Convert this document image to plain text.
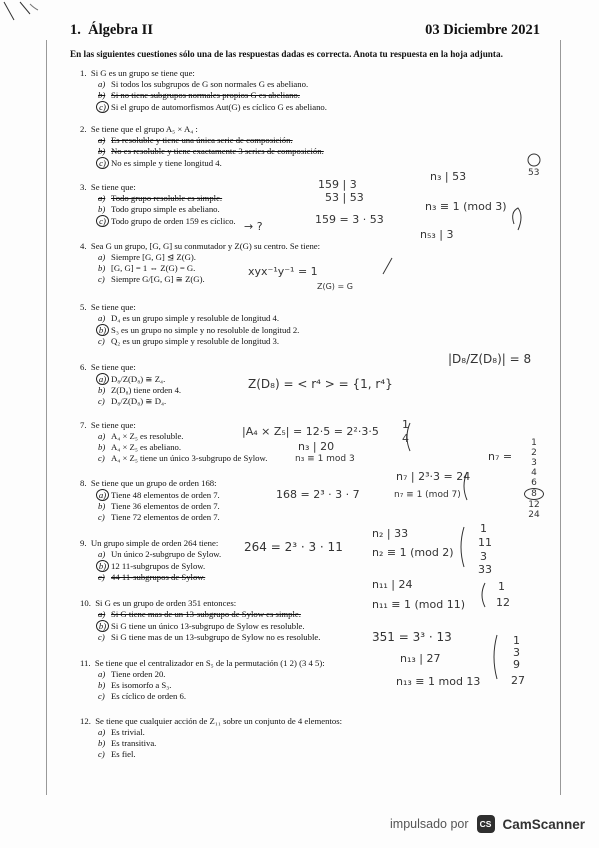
1.  Álgebra II	03 Diciembre 2021
En las siguientes cuestiones sólo una de las respuestas dadas es correcta. Anota tu respuesta en la hoja adjunta.
1.  Si G es un grupo se tiene que:
a) Si todos los subgrupos de G son normales G es abeliano.
b) Si no tiene subgrupos normales propios G es abeliano.
c) Si el grupo de automorfismos Aut(G) es cíclico G es abeliano.
2.  Se tiene que el grupo A₅ × A₄ :
a) Es resoluble y tiene una única serie de composición.
b) No es resoluble y tiene exactamente 3 series de composición.
c) No es simple y tiene longitud 4.
3.  Se tiene que:
a) Todo grupo resoluble es simple.
b) Todo grupo simple es abeliano.
c) Todo grupo de orden 159 es cíclico.
4.  Sea G un grupo, [G, G] su conmutador y Z(G) su centro. Se tiene:
a) Siempre [G, G] ⊴ Z(G).
b) [G, G] = 1 ⇔ Z(G) = G.
c) Siempre G/[G, G] ≅ Z(G).
5.  Se tiene que:
a) D₄ es un grupo simple y resoluble de longitud 4.
b) S₃ es un grupo no simple y no resoluble de longitud 2.
c) Q₂ es un grupo simple y resoluble de longitud 3.
6.  Se tiene que:
a) D₈/Z(D₈) ≅ Z₄.
b) Z(D₈) tiene orden 4.
c) D₈/Z(D₈) ≅ D₄.
7.  Se tiene que:
a) A₄ × Z₅ es resoluble.
b) A₄ × Z₅ es abeliano.
c) A₄ × Z₅ tiene un único 3-subgrupo de Sylow.
8.  Se tiene que un grupo de orden 168:
a) Tiene 48 elementos de orden 7.
b) Tiene 36 elementos de orden 7.
c) Tiene 72 elementos de orden 7.
9.  Un grupo simple de orden 264 tiene:
a) Un único 2-subgrupo de Sylow.
b) 12 11-subgrupos de Sylow.
c) 44 11-subgrupos de Sylow.
10.  Si G es un grupo de orden 351 entonces:
a) Si G tiene mas de un 13-subgrupo de Sylow es simple.
b) Si G tiene un único 13-subgrupo de Sylow es resoluble.
c) Si G tiene mas de un 13-subgrupo de Sylow no es resoluble.
11.  Se tiene que el centralizador en S₅ de la permutación (1 2) (3 4 5):
a) Tiene orden 20.
b) Es isomorfo a S₃.
c) Es cíclico de orden 6.
12.  Se tiene que cualquier acción de Z₁₁ sobre un conjunto de 4 elementos:
a) Es trivial.
b) Es transitiva.
c) Es fiel.
159 | 3
53 | 53
159 = 3 · 53
→ ?
n₃ | 53	53
n₃ ≡ 1 (mod 3)
n₅₃ | 3
xyx⁻¹y⁻¹ = 1
Z(G) = G
Z(D₈) = < r⁴ > = {1, r⁴}
|D₈/Z(D₈)| = 8
|A₄ × Z₅| = 12·5 = 2²·3·5
n₃ | 20
n₃ ≡ 1 mod 3
1
4
n₇ | 2³·3 = 24
n₇ ≡ 1 (mod 7)
n₇ =
168 = 2³ · 3 · 7
264 = 2³ · 3 · 11
n₂ | 33
n₂ ≡ 1 (mod 2)
1
11
3
33
n₁₁ | 24
n₁₁ ≡ 1 (mod 11)
1
12
351 = 3³ · 13
n₁₃ | 27
n₁₃ ≡ 1 mod 13
1
3
9
27
1
2
3
4
6
8
12
24
impulsado por	CS CamScanner
